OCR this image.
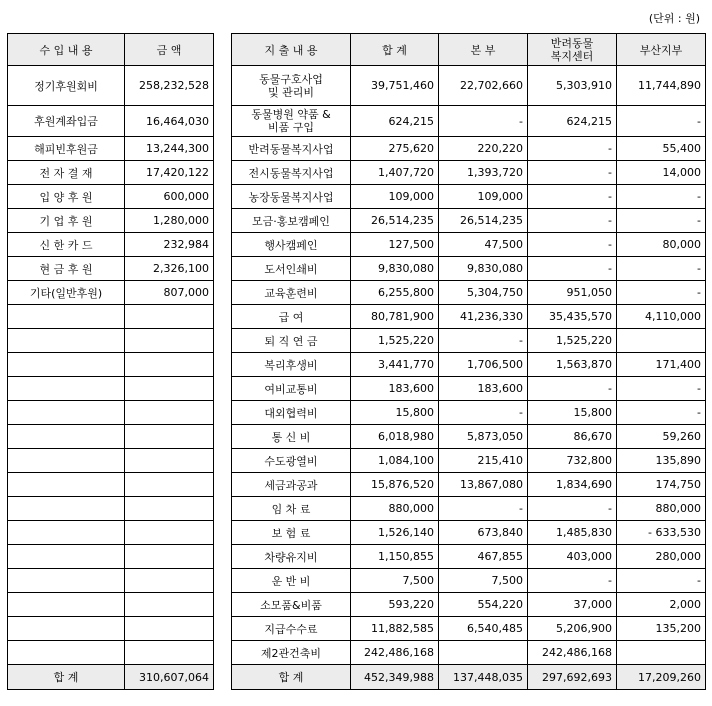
(단위 : 원)
수 입 내 용	금 액
정기후원회비	258,232,528
후원계좌입금	16,464,030
해피빈후원금	13,244,300
전 자 결 재	17,420,122
입 양 후 원	600,000
기 업 후 원	1,280,000
신 한 카 드	232,984
현 금 후 원	2,326,100
기타(일반후원)	807,000

합 계	310,607,064
지 출 내 용	합 계	본 부	반려동물
복지센터	부산지부
동물구호사업
및 관리비	39,751,460	22,702,660	5,303,910	11,744,890
동물병원 약품 &
비품 구입	624,215	-	624,215	-
반려동물복지사업	275,620	220,220	-	55,400
전시동물복지사업	1,407,720	1,393,720	-	14,000
농장동물복지사업	109,000	109,000	-	-
모금·홍보캠페인	26,514,235	26,514,235	-	-
행사캠페인	127,500	47,500	-	80,000
도서인쇄비	9,830,080	9,830,080	-	-
교육훈련비	6,255,800	5,304,750	951,050	-
급 여	80,781,900	41,236,330	35,435,570	4,110,000
퇴 직 연 금	1,525,220	-	1,525,220	
복리후생비	3,441,770	1,706,500	1,563,870	171,400
여비교통비	183,600	183,600	-	-
대외협력비	15,800	-	15,800	-
통 신 비	6,018,980	5,873,050	86,670	59,260
수도광열비	1,084,100	215,410	732,800	135,890
세금과공과	15,876,520	13,867,080	1,834,690	174,750
임 차 료	880,000	-	-	880,000
보 험 료	1,526,140	673,840	1,485,830	- 633,530
차량유지비	1,150,855	467,855	403,000	280,000
운 반 비	7,500	7,500	-	-
소모품&비품	593,220	554,220	37,000	2,000
지급수수료	11,882,585	6,540,485	5,206,900	135,200
제2관건축비	242,486,168		242,486,168	
합 계	452,349,988	137,448,035	297,692,693	17,209,260
